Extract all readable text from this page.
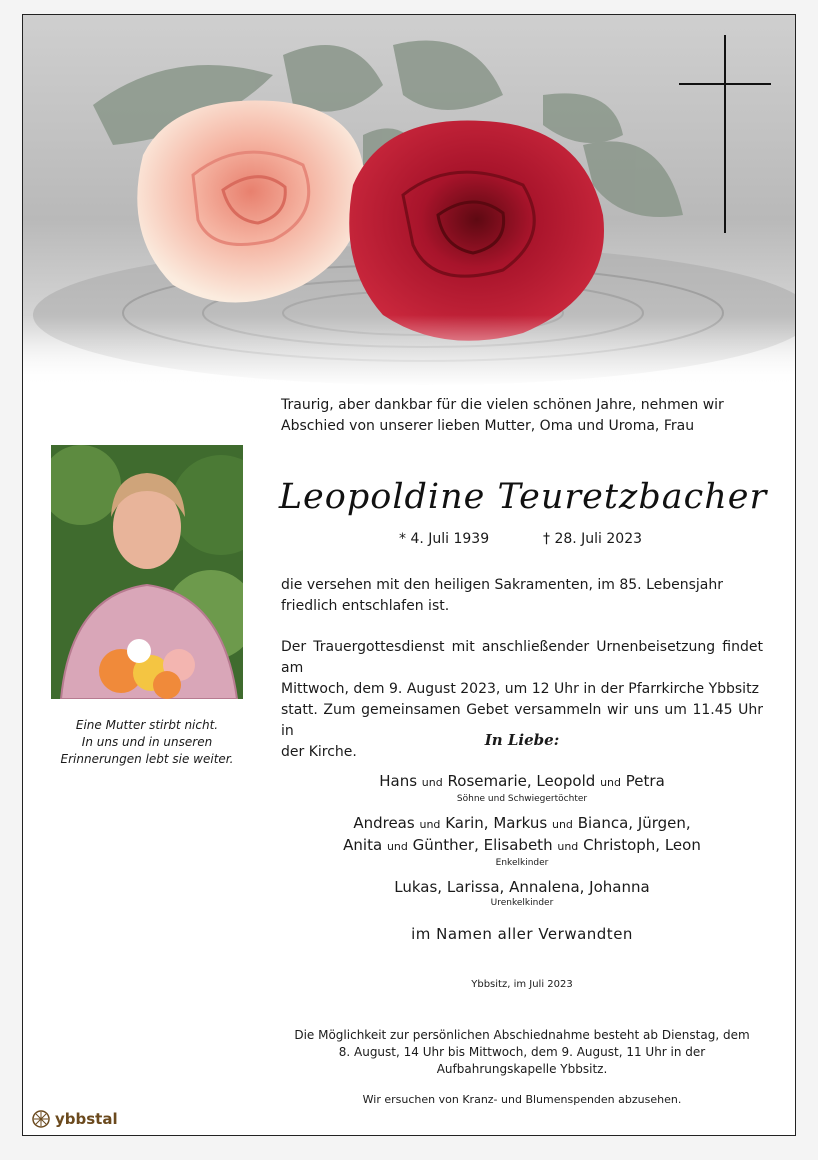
Traurig, aber dankbar für die vielen schönen Jahre, nehmen wir
Abschied von unserer lieben Mutter, Oma und Uroma, Frau
Leopoldine Teuretzbacher
* 4. Juli 1939	† 28. Juli 2023
die versehen mit den heiligen Sakramenten, im 85. Lebensjahr
friedlich entschlafen ist.
Der Trauergottesdienst mit anschließender Urnenbeisetzung findet am
Mittwoch, dem 9. August 2023, um 12 Uhr in der Pfarrkirche Ybbsitz
statt. Zum gemeinsamen Gebet versammeln wir uns um 11.45 Uhr in
der Kirche.
Eine Mutter stirbt nicht.
In uns und in unseren
Erinnerungen lebt sie weiter.
In Liebe:
Hans und Rosemarie, Leopold und Petra
Söhne und Schwiegertöchter
Andreas und Karin, Markus und Bianca, Jürgen,
Anita und Günther, Elisabeth und Christoph, Leon
Enkelkinder
Lukas, Larissa, Annalena, Johanna
Urenkelkinder
im Namen aller Verwandten
Ybbsitz, im Juli 2023
Die Möglichkeit zur persönlichen Abschiednahme besteht ab Dienstag, dem
8. August, 14 Uhr bis Mittwoch, dem 9. August, 11 Uhr in der
Aufbahrungskapelle Ybbsitz.
Wir ersuchen von Kranz- und Blumenspenden abzusehen.
ybbstal
